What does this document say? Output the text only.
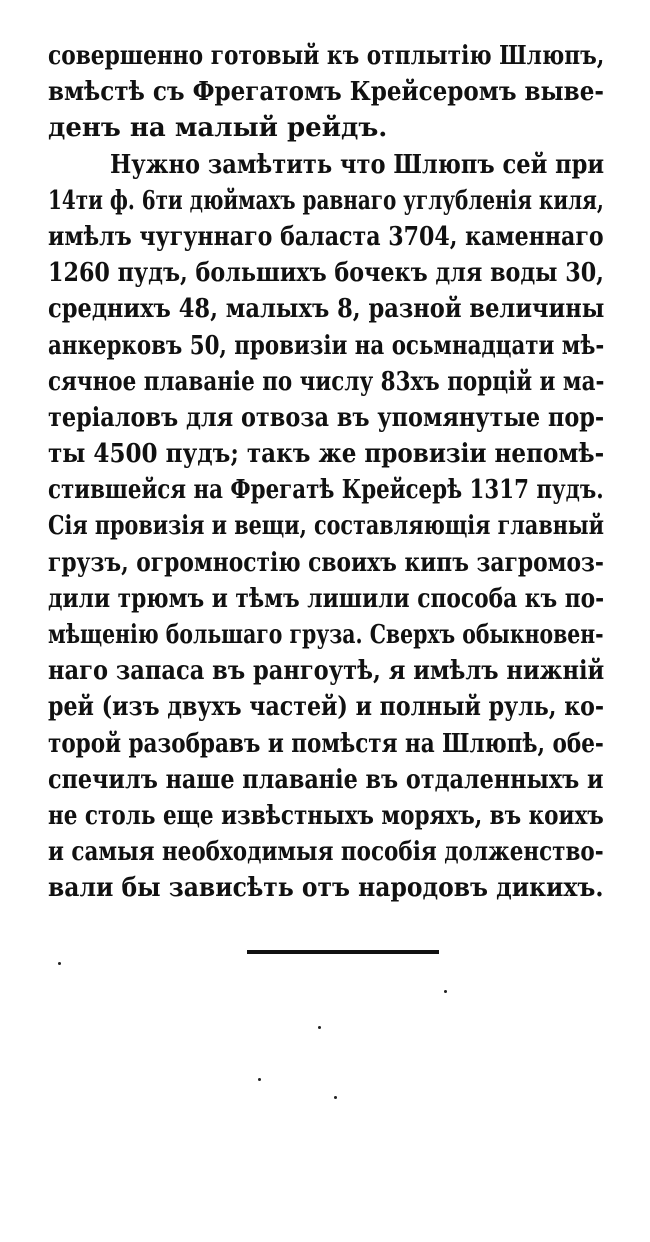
совершенно готовый къ отплытію Шлюпъ,
вмѣстѣ съ Фрегатомъ Крейсеромъ выве-
денъ на малый рейдъ.
Нужно замѣтить что Шлюпъ сей при
14ти ф. 6ти дюймахъ равнаго углубленія киля,
имѣлъ чугуннаго баласта 3704, каменнаго
1260 пудъ, большихъ бочекъ для воды 30,
среднихъ 48, малыхъ 8, разной величины
анкерковъ 50, провизіи на осьмнадцати мѣ-
сячное плаваніе по числу 83хъ порцій и ма-
теріаловъ для отвоза въ упомянутые пор-
ты 4500 пудъ; такъ же провизіи непомѣ-
стившейся на Фрегатѣ Крейсерѣ 1317 пудъ.
Сія провизія и вещи, составляющія главный
грузъ, огромностію своихъ кипъ загромоз-
дили трюмъ и тѣмъ лишили способа къ по-
мѣщенію большаго груза. Сверхъ обыкновен-
наго запаса въ рангоутѣ, я имѣлъ нижній
рей (изъ двухъ частей) и полный руль, ко-
торой разобравъ и помѣстя на Шлюпѣ, обе-
спечилъ наше плаваніе въ отдаленныхъ и
не столь еще извѣстныхъ моряхъ, въ коихъ
и самыя необходимыя пособія долженство-
вали бы зависѣть отъ народовъ дикихъ.
